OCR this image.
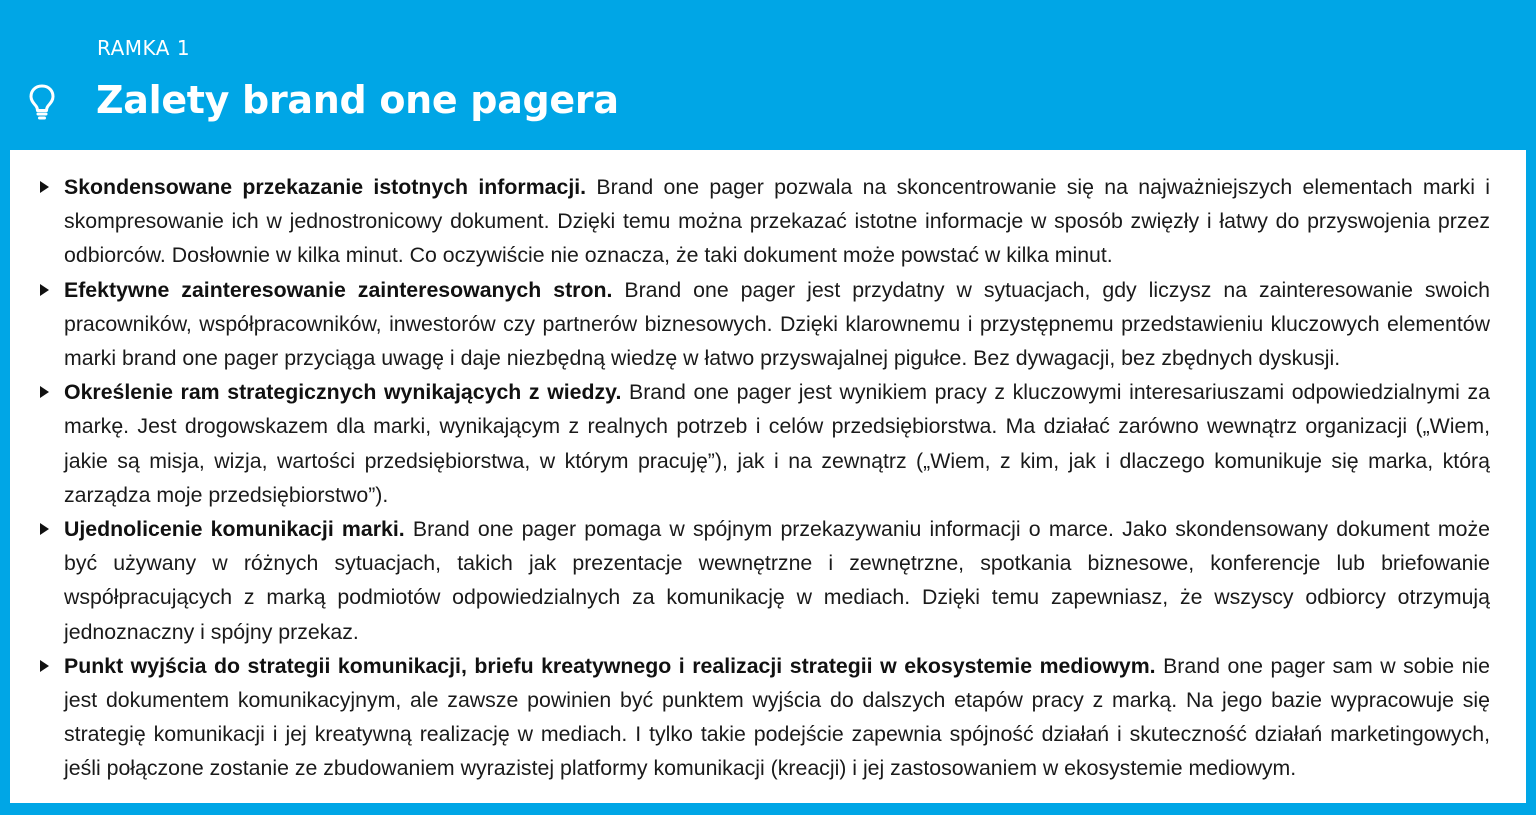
RAMKA 1
Zalety brand one pagera
Skondensowane przekazanie istotnych informacji. Brand one pager pozwala na skoncentrowanie się na najważniejszych elementach marki i skompresowanie ich w jednostronicowy dokument. Dzięki temu można przekazać istotne informacje w sposób zwięzły i łatwy do przyswojenia przez odbiorców. Dosłownie w kilka minut. Co oczywiście nie oznacza, że taki dokument może powstać w kilka minut.
Efektywne zainteresowanie zainteresowanych stron. Brand one pager jest przydatny w sytuacjach, gdy liczysz na zainteresowanie swoich pracowników, współpracowników, inwestorów czy partnerów biznesowych. Dzięki klarownemu i przystępnemu przedstawieniu kluczowych elementów marki brand one pager przyciąga uwagę i daje niezbędną wiedzę w łatwo przyswajalnej pigułce. Bez dywagacji, bez zbędnych dyskusji.
Określenie ram strategicznych wynikających z wiedzy. Brand one pager jest wynikiem pracy z kluczowymi interesariuszami odpowiedzialnymi za markę. Jest drogowskazem dla marki, wynikającym z realnych potrzeb i celów przedsiębiorstwa. Ma działać zarówno wewnątrz organizacji („Wiem, jakie są misja, wizja, wartości przedsiębiorstwa, w którym pracuję”), jak i na zewnątrz („Wiem, z kim, jak i dlaczego komunikuje się marka, którą zarządza moje przedsiębiorstwo”).
Ujednolicenie komunikacji marki. Brand one pager pomaga w spójnym przekazywaniu informacji o marce. Jako skondensowany dokument może być używany w różnych sytuacjach, takich jak prezentacje wewnętrzne i zewnętrzne, spotkania biznesowe, konferencje lub briefowanie współpracujących z marką podmiotów odpowiedzialnych za komunikację w mediach. Dzięki temu zapewniasz, że wszyscy odbiorcy otrzymują jednoznaczny i spójny przekaz.
Punkt wyjścia do strategii komunikacji, briefu kreatywnego i realizacji strategii w ekosystemie mediowym. Brand one pager sam w sobie nie jest dokumentem komunikacyjnym, ale zawsze powinien być punktem wyjścia do dalszych etapów pracy z marką. Na jego bazie wypracowuje się strategię komunikacji i jej kreatywną realizację w mediach. I tylko takie podejście zapewnia spójność działań i skuteczność działań marketingowych, jeśli połączone zostanie ze zbudowaniem wyrazistej platformy komunikacji (kreacji) i jej zastosowaniem w ekosystemie mediowym.
